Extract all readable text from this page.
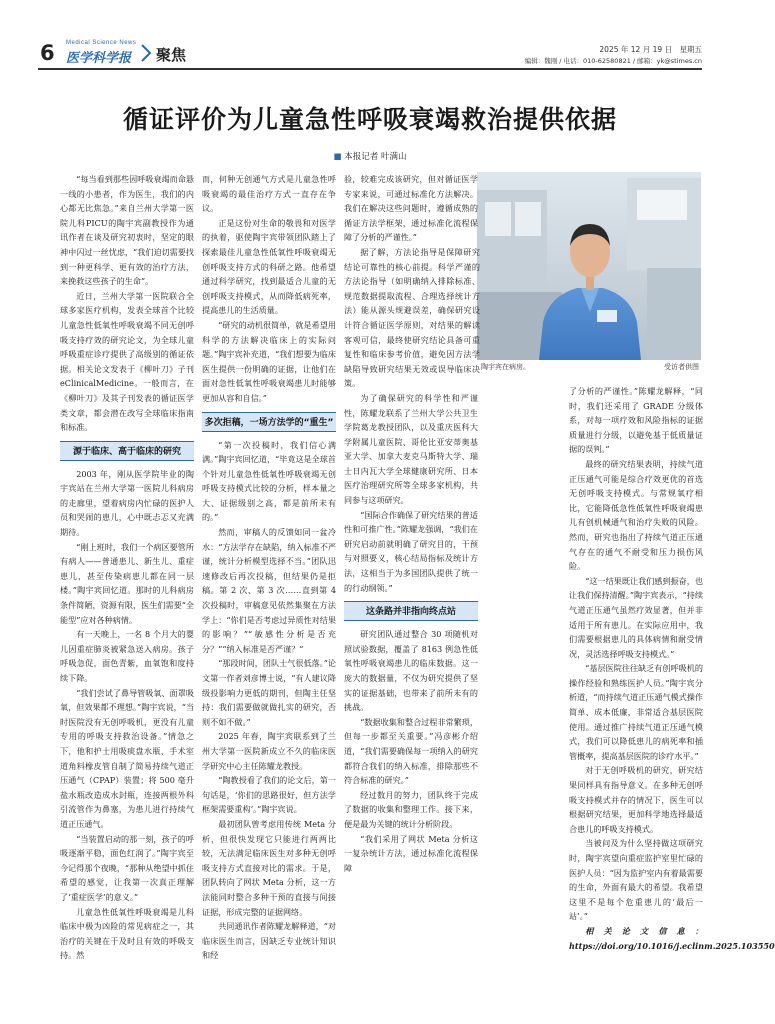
6 Medical Science News
医学科学报	聚焦	2025 年 12 月 19 日　星期五
编辑：魏刚 / 电话：010-62580821 / 邮箱：yk@stimes.cn
循证评价为儿童急性呼吸衰竭救治提供依据
■ 本报记者 叶满山

“每当看到那些因呼吸衰竭而命悬一线的小患者，作为医生，我们的内心都无比焦急。”来自兰州大学第一医院儿科PICU的陶宇宾副教授作为通讯作者在谈及研究初衷时，坚定的眼神中闪过一丝忧虑，“我们迫切需要找到一种更科学、更有效的治疗方法，来挽救这些孩子的生命”。

近日，兰州大学第一医院联合全球多家医疗机构，发表全球首个比较儿童急性低氧性呼吸衰竭不同无创呼吸支持疗效的研究论文，为全球儿童呼吸重症诊疗提供了高级别的循证依据。相关论文发表于《柳叶刀》子刊eClinicalMedicine。一般而言，在《柳叶刀》及其子刊发表的循证医学类文章，都会潜在改写全球临床指南和标准。

源于临床、高于临床的研究

2003 年，刚从医学院毕业的陶宇宾站在兰州大学第一医院儿科病房的走廊里，望着病房内忙碌的医护人员和哭闹的患儿，心中既忐忑又充满期待。

“刚上班时，我们一个病区要管所有病人——普通患儿、新生儿、重症患儿，甚至传染病患儿都在同一层楼。”陶宇宾回忆道。那时的儿科病房条件简陋，资源有限，医生们需要“全能型”应对各种病情。

有一天晚上，一名 8 个月大的婴儿因重症肺炎被紧急送入病房。孩子呼吸急促，面色青紫，血氧饱和度持续下降。

“我们尝试了鼻导管吸氧、面罩吸氧，但效果都不理想。”陶宇宾说，“当时医院没有无创呼吸机，更没有儿童专用的呼吸支持救治设备。”情急之下，他和护士用吸痰盘水瓶、手术室道角料橡皮管自制了简易持续气道正压通气（CPAP）装置；将 500 毫升盐水瓶改造成水封瓶，连接两根外科引流管作为鼻塞，为患儿进行持续气道正压通气。

“当装置启动的那一刻，孩子的呼吸逐渐平稳，面色红润了。”陶宇宾至今记得那个夜晚，“那种从绝望中抓住希望的感觉，让我第一次真正理解了‘重症医学’的意义。”

儿童急性低氧性呼吸衰竭是儿科临床中极为凶险的常见病症之一，其治疗的关键在于及时且有效的呼吸支持。然

而，何种无创通气方式是儿童急性呼吸衰竭的最佳治疗方式一直存在争议。

正是这份对生命的敬畏和对医学的执着，驱使陶宇宾带领团队踏上了探索最佳儿童急性低氧性呼吸衰竭无创呼吸支持方式的科研之路。他希望通过科学研究，找到最适合儿童的无创呼吸支持模式，从而降低病死率，提高患儿的生活质量。

“研究的动机很简单，就是希望用科学的方法解决临床上的实际问题。”陶宇宾补充道，“我们想要为临床医生提供一份明确的证据，让他们在面对急性低氧性呼吸衰竭患儿时能够更加从容和自信。”

多次拒稿，一场方法学的“重生”

“第一次投稿时，我们信心满满。”陶宇宾回忆道，“毕竟这是全球首个针对儿童急性低氧性呼吸衰竭无创呼吸支持模式比较的分析，样本量之大、证据级别之高，都是前所未有的。”

然而，审稿人的反馈如同一盆冷水：“方法学存在缺陷，纳入标准不严谨，统计分析模型选择不当。”团队迅速修改后再次投稿，但结果仍是拒稿。第 2 次、第 3 次……直到第 4 次投稿时，审稿意见依然集聚在方法学上：“你们是否考虑过异质性对结果的影响？”“敏感性分析是否充分？”“纳入标准是否严谨？”

“那段时间，团队士气很低落。”论文第一作者刘彦博士说，“有人建议降级投影响力更低的期刊，但陶主任坚持：我们需要做就做扎实的研究，否则不如不做。”

2025 年春，陶宇宾联系到了兰州大学第一医院新成立不久的临床医学研究中心主任陈耀龙教授。

“陶教授看了我们的论文后，第一句话是，‘你们的思路很好，但方法学框架需要重构’。”陶宇宾说。

最初团队曾考虑用传统 Meta 分析，但很快发现它只能进行两两比较，无法满足临床医生对多种无创呼吸支持方式直接对比的需求。于是，团队转向了网状 Meta 分析，这一方法能同时整合多种干预的直接与间接证据，形成完整的证据网络。

共同通讯作者陈耀龙解释道，“对临床医生而言，因缺乏专业统计知识和经

陶宇宾在病房。	受访者供图

验，较难完成该研究，但对循证医学专家来说，可通过标准化方法解决。我们在解决这些问题时，遵循成熟的循证方法学框架，通过标准化流程保障了分析的严谨性。”

据了解，方法论指导是保障研究结论可靠性的核心前提。科学严谨的方法论指导（如明确纳入排除标准、规范数据提取流程、合理选择统计方法）能从源头规避误差，确保研究设计符合循证医学原则，对结果的解读客观可信，最终使研究结论具备可重复性和临床参考价值，避免因方法学缺陷导致研究结果无效或误导临床决策。

为了确保研究的科学性和严谨性，陈耀龙联系了兰州大学公共卫生学院葛龙教授团队，以及重庆医科大学附属儿童医院、哥伦比亚安蒂奥基亚大学、加拿大麦克马斯特大学、瑞士日内瓦大学全球健康研究所、日本医疗治理研究所等全球多家机构，共同参与这项研究。

“国际合作确保了研究结果的普适性和可推广性。”陈耀龙强调，“我们在研究启动前就明确了研究目的，干预与对照要义，核心结局指标及统计方法，这相当于为多国团队提供了统一的行动纲领。”

这条路并非指向终点站

研究团队通过整合 30 项随机对照试验数据，覆盖了 8163 例急性低氧性呼吸衰竭患儿的临床数据。这一庞大的数据量，不仅为研究提供了坚实的证据基础，也带来了前所未有的挑战。

“数据收集和整合过程非常繁琐，但每一步都至关重要。”冯彦彬介绍道，“我们需要确保每一项纳入的研究都符合我们的纳入标准，排除那些不符合标准的研究。”

经过数月的努力，团队终于完成了数据的收集和整理工作。接下来，便是最为关键的统计分析阶段。

“我们采用了网状 Meta 分析这一复杂统计方法，通过标准化流程保障

了分析的严谨性。”陈耀龙解释，“同时，我们还采用了 GRADE 分级体系，对每一项疗效和风险指标的证据质量进行分级，以避免基于低质量证据的误判。”

最终的研究结果表明，持续气道正压通气可能是综合疗效更优的首选无创呼吸支持模式。与常规氧疗相比，它能降低急性低氧性呼吸衰竭患儿有创机械通气和治疗失败的风险。然而，研究也指出了持续气道正压通气存在的通气不耐受和压力损伤风险。

“这一结果既让我们感到振奋，也让我们保持清醒。”陶宇宾表示，“持续气道正压通气虽然疗效显著，但并非适用于所有患儿。在实际应用中，我们需要根据患儿的具体病情和耐受情况，灵活选择呼吸支持模式。”

“基层医院往往缺乏有创呼吸机的操作经验和熟练医护人员。”陶宇宾分析道，“而持续气道正压通气模式操作简单、成本低廉，非常适合基层医院使用。通过推广持续气道正压通气模式，我们可以降低患儿的病死率和插管概率，提高基层医院的诊疗水平。”

对于无创呼吸机的研究，研究结果同样具有指导意义。在多种无创呼吸支持模式并存的情况下，医生可以根据研究结果，更加科学地选择最适合患儿的呼吸支持模式。

当被问及为什么坚持做这项研究时，陶宇宾望向重症监护室里忙碌的医护人员：“因为监护室内有着最需要的生命，外面有最大的希望。我希望这里不是每个危重患儿的‘最后一站’。”

相关论文信息：https://doi.org/10.1016/j.eclinm.2025.103550
